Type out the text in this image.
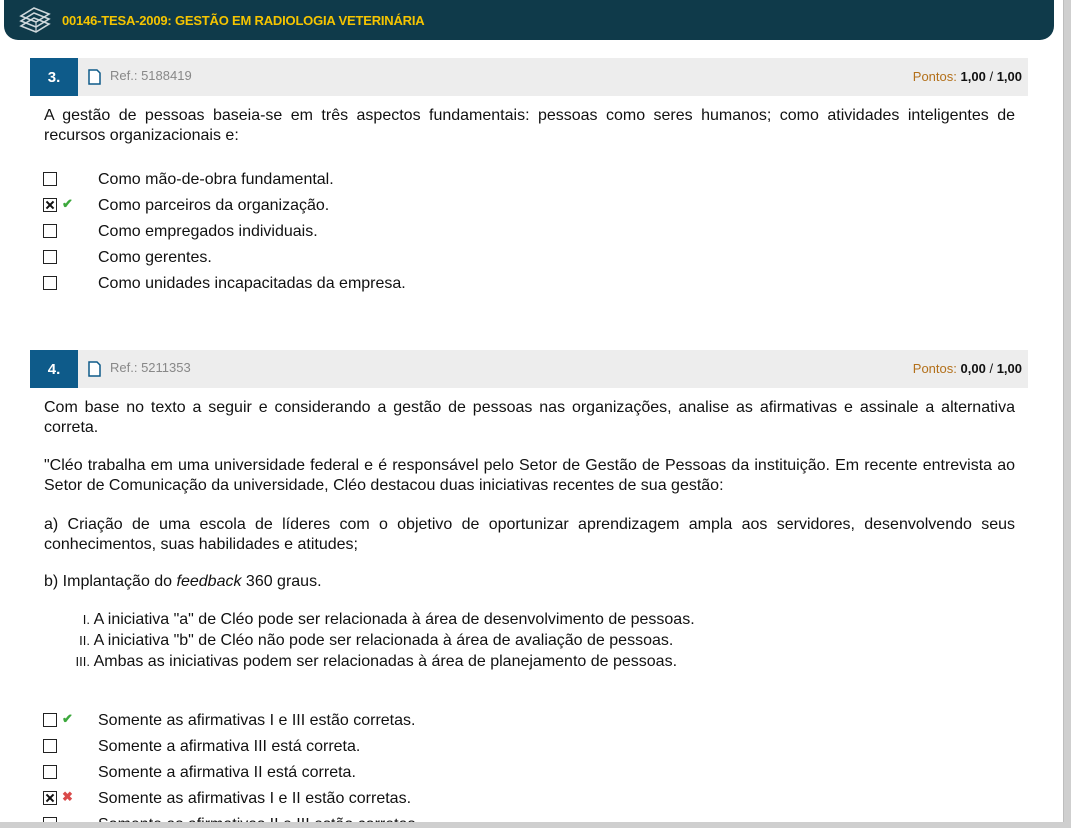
00146-TESA-2009: GESTÃO EM RADIOLOGIA VETERINÁRIA
3.	Ref.: 5188419	Pontos: 1,00 / 1,00
A gestão de pessoas baseia-se em três aspectos fundamentais: pessoas como seres humanos; como atividades inteligentes de recursos organizacionais e:
Como mão-de-obra fundamental.
✔ Como parceiros da organização.
Como empregados individuais.
Como gerentes.
Como unidades incapacitadas da empresa.
4.	Ref.: 5211353	Pontos: 0,00 / 1,00
Com base no texto a seguir e considerando a gestão de pessoas nas organizações, analise as afirmativas e assinale a alternativa correta.
"Cléo trabalha em uma universidade federal e é responsável pelo Setor de Gestão de Pessoas da instituição. Em recente entrevista ao Setor de Comunicação da universidade, Cléo destacou duas iniciativas recentes de sua gestão:
a) Criação de uma escola de líderes com o objetivo de oportunizar aprendizagem ampla aos servidores, desenvolvendo seus conhecimentos, suas habilidades e atitudes;
b) Implantação do feedback 360 graus.
I. A iniciativa "a" de Cléo pode ser relacionada à área de desenvolvimento de pessoas.
II. A iniciativa "b" de Cléo não pode ser relacionada à área de avaliação de pessoas.
III. Ambas as iniciativas podem ser relacionadas à área de planejamento de pessoas.
✔ Somente as afirmativas I e III estão corretas.
Somente a afirmativa III está correta.
Somente a afirmativa II está correta.
✖ Somente as afirmativas I e II estão corretas.
